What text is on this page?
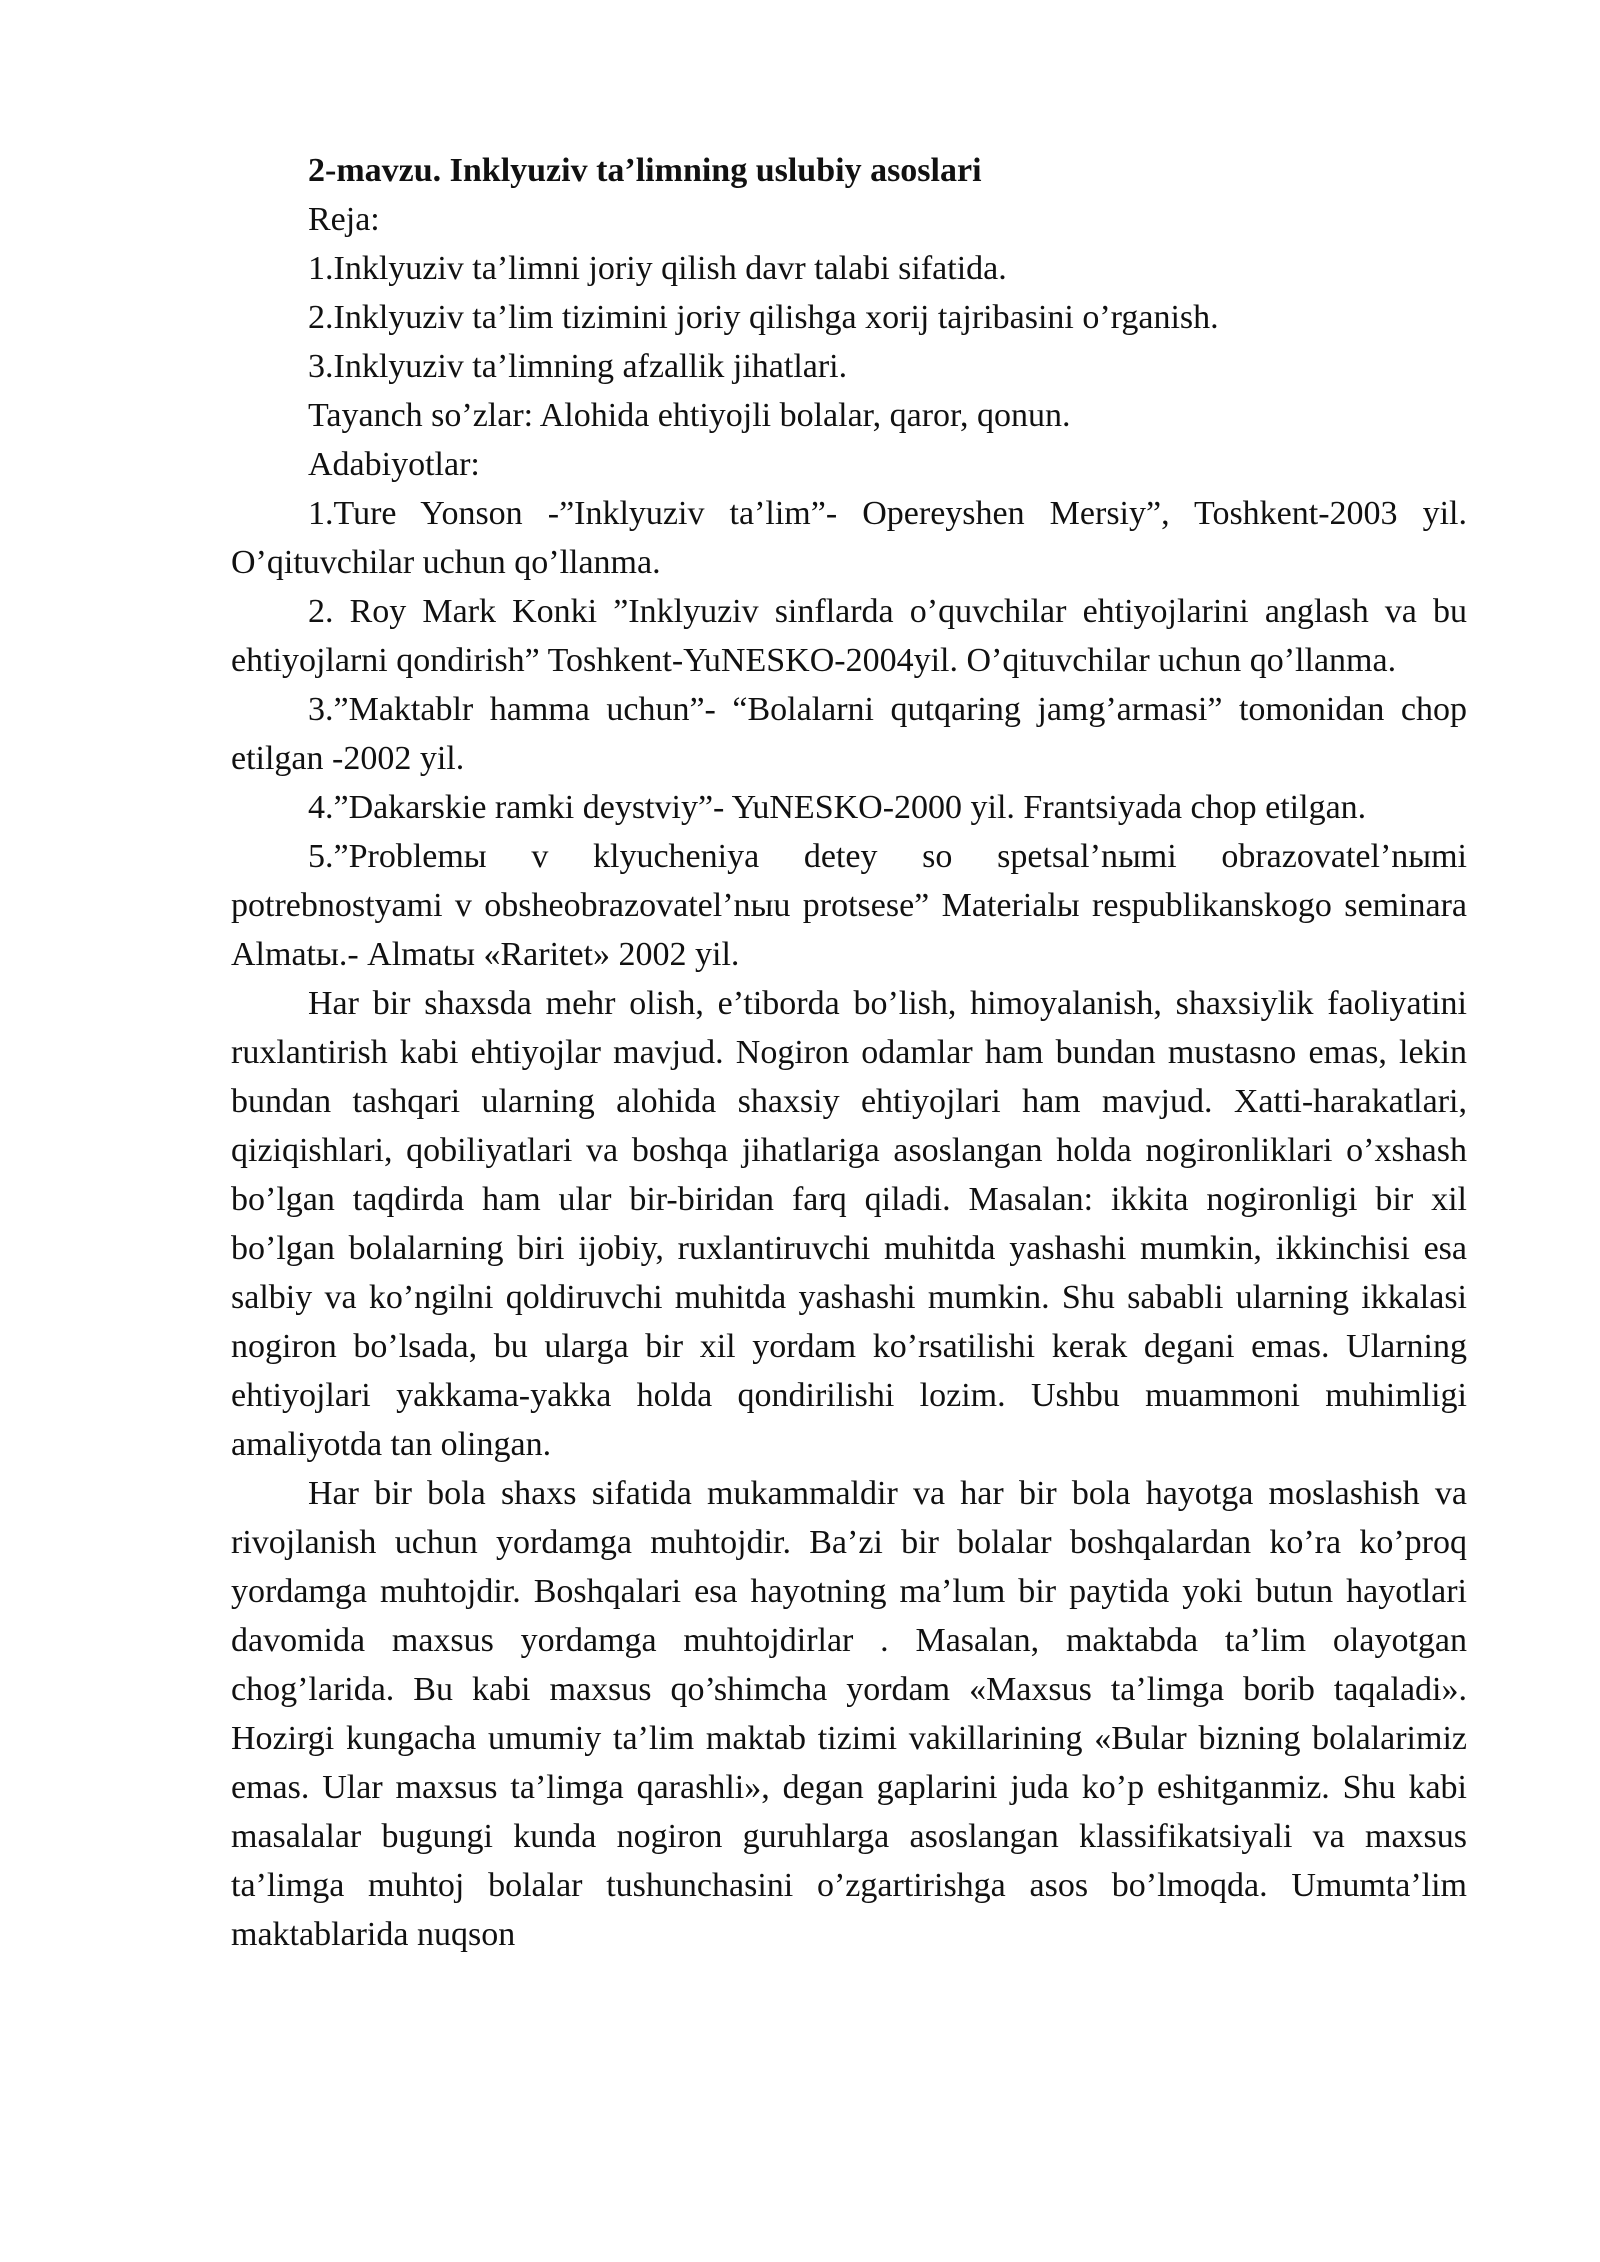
2-mavzu. Inklyuziv ta’limning uslubiy asoslari
Reja:
1.Inklyuziv ta’limni joriy qilish davr talabi sifatida.
2.Inklyuziv ta’lim tizimini joriy qilishga xorij tajribasini o’rganish.
3.Inklyuziv ta’limning afzallik jihatlari.
Tayanch so’zlar: Alohida ehtiyojli bolalar, qaror, qonun.
Adabiyotlar:

1.Ture Yonson -”Inklyuziv ta’lim”- Opereyshen Mersiy”, Toshkent-2003 yil. O’qituvchilar uchun qo’llanma.

2. Roy Mark Konki ”Inklyuziv sinflarda o’quvchilar ehtiyojlarini anglash va bu ehtiyojlarni qondirish” Toshkent-YuNESKO-2004yil. O’qituvchilar uchun qo’llanma.

3.”Maktablr hamma uchun”- “Bolalarni qutqaring jamg’armasi” tomonidan chop etilgan -2002 yil.

4.”Dakarskie ramki deystviy”- YuNESKO-2000 yil. Frantsiyada chop etilgan.

5.”Problemы v klyucheniya detey so spetsal’nыmi obrazovatel’nыmi potrebnostyami v obsheobrazovatel’nыu protsese” Materialы respublikanskogo seminara Almatы.- Almatы «Raritet» 2002 yil.

Har bir shaxsda mehr olish, e’tiborda bo’lish, himoyalanish, shaxsiylik faoliyatini ruxlantirish kabi ehtiyojlar mavjud. Nogiron odamlar ham bundan mustasno emas, lekin bundan tashqari ularning alohida shaxsiy ehtiyojlari ham mavjud. Xatti-harakatlari, qiziqishlari, qobiliyatlari va boshqa jihatlariga asoslangan holda nogironliklari o’xshash bo’lgan taqdirda ham ular bir-biridan farq qiladi. Masalan: ikkita nogironligi bir xil bo’lgan bolalarning biri ijobiy, ruxlantiruvchi muhitda yashashi mumkin, ikkinchisi esa salbiy va ko’ngilni qoldiruvchi muhitda yashashi mumkin. Shu sababli ularning ikkalasi nogiron bo’lsada, bu ularga bir xil yordam ko’rsatilishi kerak degani emas. Ularning ehtiyojlari yakkama-yakka holda qondirilishi lozim. Ushbu muammoni muhimligi amaliyotda tan olingan.

Har bir bola shaxs sifatida mukammaldir va har bir bola hayotga moslashish va rivojlanish uchun yordamga muhtojdir. Ba’zi bir bolalar boshqalardan ko’ra ko’proq yordamga muhtojdir. Boshqalari esa hayotning ma’lum bir paytida yoki butun hayotlari davomida maxsus yordamga muhtojdirlar . Masalan, maktabda ta’lim olayotgan chog’larida. Bu kabi maxsus qo’shimcha yordam «Maxsus ta’limga borib taqaladi». Hozirgi kungacha umumiy ta’lim maktab tizimi vakillarining «Bular bizning bolalarimiz emas. Ular maxsus ta’limga qarashli», degan gaplarini juda ko’p eshitganmiz. Shu kabi masalalar bugungi kunda nogiron guruhlarga asoslangan klassifikatsiyali va maxsus ta’limga muhtoj bolalar tushunchasini o’zgartirishga asos bo’lmoqda. Umumta’lim maktablarida nuqson
